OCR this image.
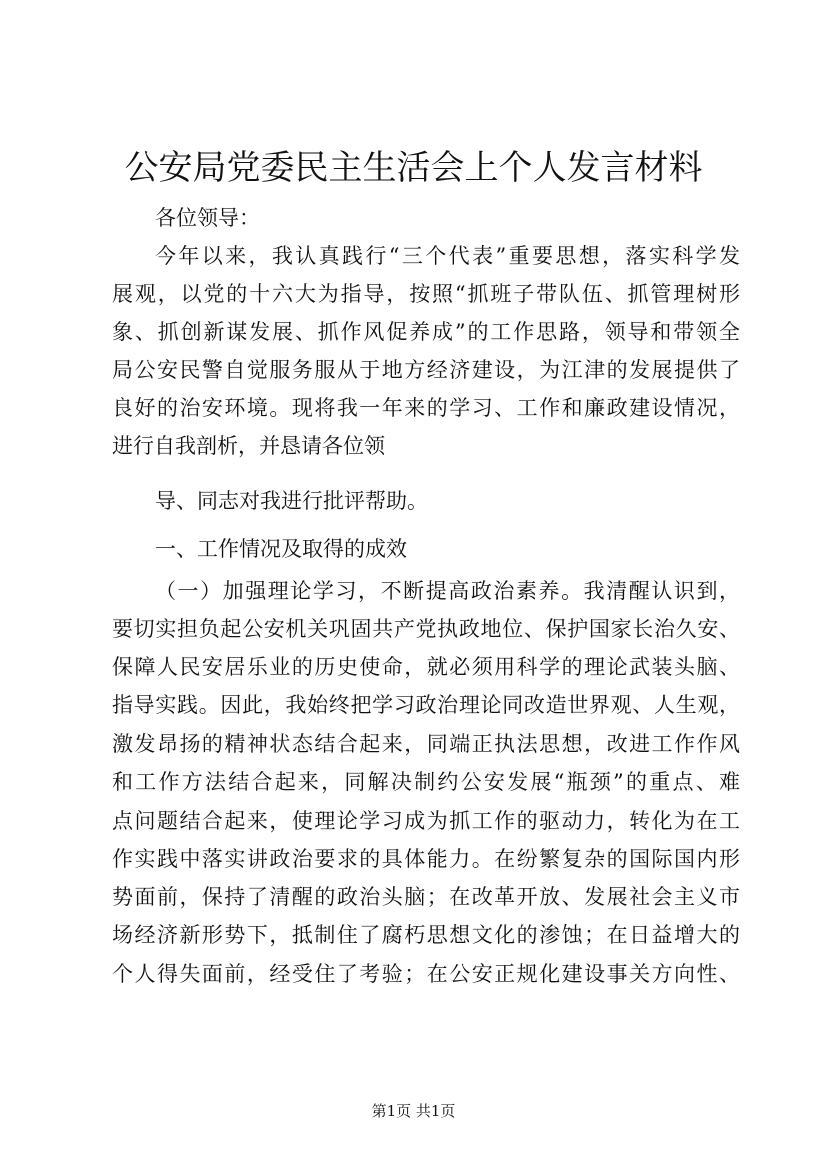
公安局党委民主生活会上个人发言材料
各位领导：
今年以来，我认真践行“三个代表”重要思想，落实科学发
展观，以党的十六大为指导，按照“抓班子带队伍、抓管理树形
象、抓创新谋发展、抓作风促养成”的工作思路，领导和带领全
局公安民警自觉服务服从于地方经济建设，为江津的发展提供了
良好的治安环境。现将我一年来的学习、工作和廉政建设情况，
进行自我剖析，并恳请各位领
导、同志对我进行批评帮助。
一、工作情况及取得的成效
（一）加强理论学习，不断提高政治素养。我清醒认识到，
要切实担负起公安机关巩固共产党执政地位、保护国家长治久安、
保障人民安居乐业的历史使命，就必须用科学的理论武装头脑、
指导实践。因此，我始终把学习政治理论同改造世界观、人生观，
激发昂扬的精神状态结合起来，同端正执法思想，改进工作作风
和工作方法结合起来，同解决制约公安发展“瓶颈”的重点、难
点问题结合起来，使理论学习成为抓工作的驱动力，转化为在工
作实践中落实讲政治要求的具体能力。在纷繁复杂的国际国内形
势面前，保持了清醒的政治头脑；在改革开放、发展社会主义市
场经济新形势下，抵制住了腐朽思想文化的渗蚀；在日益增大的
个人得失面前，经受住了考验；在公安正规化建设事关方向性、
第1页 共1页
